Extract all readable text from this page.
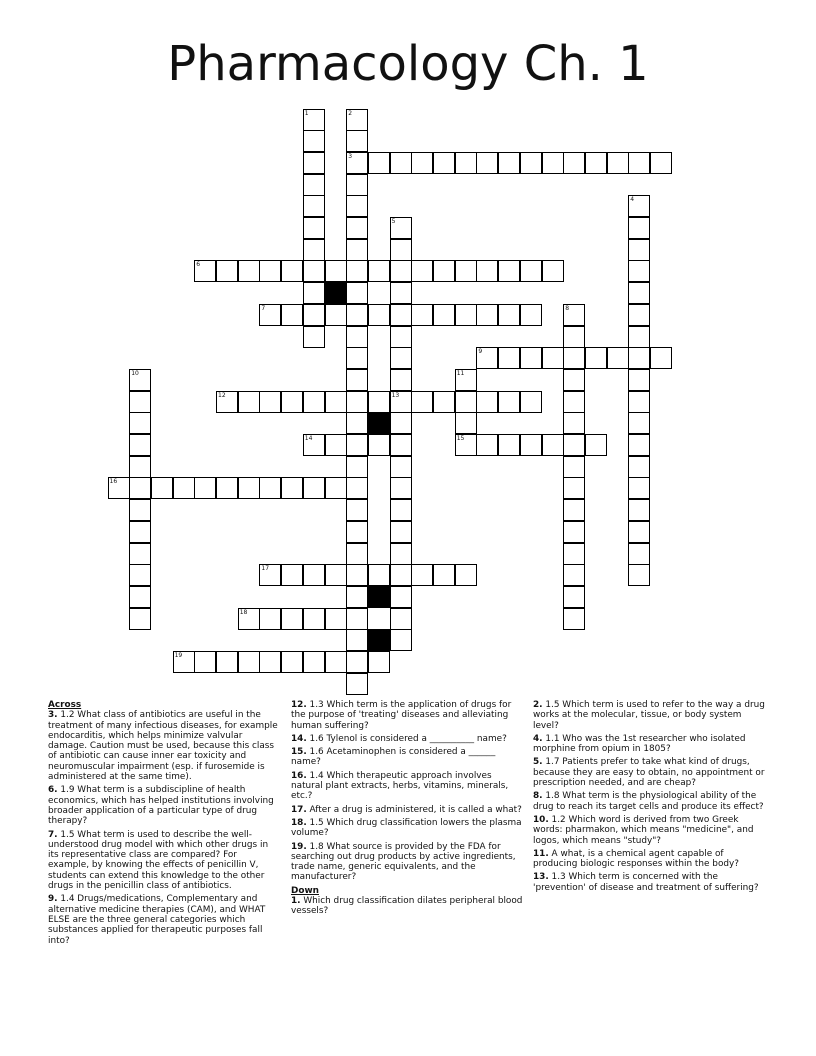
Pharmacology Ch. 1
1	2
3
4
5
13
6
7	8
9
10	11
15
12
14
16
17
18
19

Across

3. 1.2 What class of antibiotics are useful in the treatment of many infectious diseases, for example endocarditis, which helps minimize valvular damage. Caution must be used, because this class of antibiotic can cause inner ear toxicity and neuromuscular impairment (esp. if furosemide is administered at the same time).

6. 1.9 What term is a subdiscipline of health economics, which has helped institutions involving broader application of a particular type of drug therapy?

7. 1.5 What term is used to describe the well-understood drug model with which other drugs in its representative class are compared? For example, by knowing the effects of penicillin V, students can extend this knowledge to the other drugs in the penicillin class of antibiotics.

9. 1.4 Drugs/medications, Complementary and alternative medicine therapies (CAM), and WHAT ELSE are the three general categories which substances applied for therapeutic purposes fall into?

12. 1.3 Which term is the application of drugs for the purpose of 'treating' diseases and alleviating human suffering?

14. 1.6 Tylenol is considered a __________ name?

15. 1.6 Acetaminophen is considered a ______ name?

16. 1.4 Which therapeutic approach involves natural plant extracts, herbs, vitamins, minerals, etc.?

17. After a drug is administered, it is called a what?

18. 1.5 Which drug classification lowers the plasma volume?

19. 1.8 What source is provided by the FDA for searching out drug products by active ingredients, trade name, generic equivalents, and the manufacturer?

Down

1. Which drug classification dilates peripheral blood vessels?

2. 1.5 Which term is used to refer to the way a drug works at the molecular, tissue, or body system level?

4. 1.1 Who was the 1st researcher who isolated morphine from opium in 1805?

5. 1.7 Patients prefer to take what kind of drugs, because they are easy to obtain, no appointment or prescription needed, and are cheap?

8. 1.8 What term is the physiological ability of the drug to reach its target cells and produce its effect?

10. 1.2 Which word is derived from two Greek words: pharmakon, which means "medicine", and logos, which means "study"?

11. A what, is a chemical agent capable of producing biologic responses within the body?

13. 1.3 Which term is concerned with the 'prevention' of disease and treatment of suffering?
